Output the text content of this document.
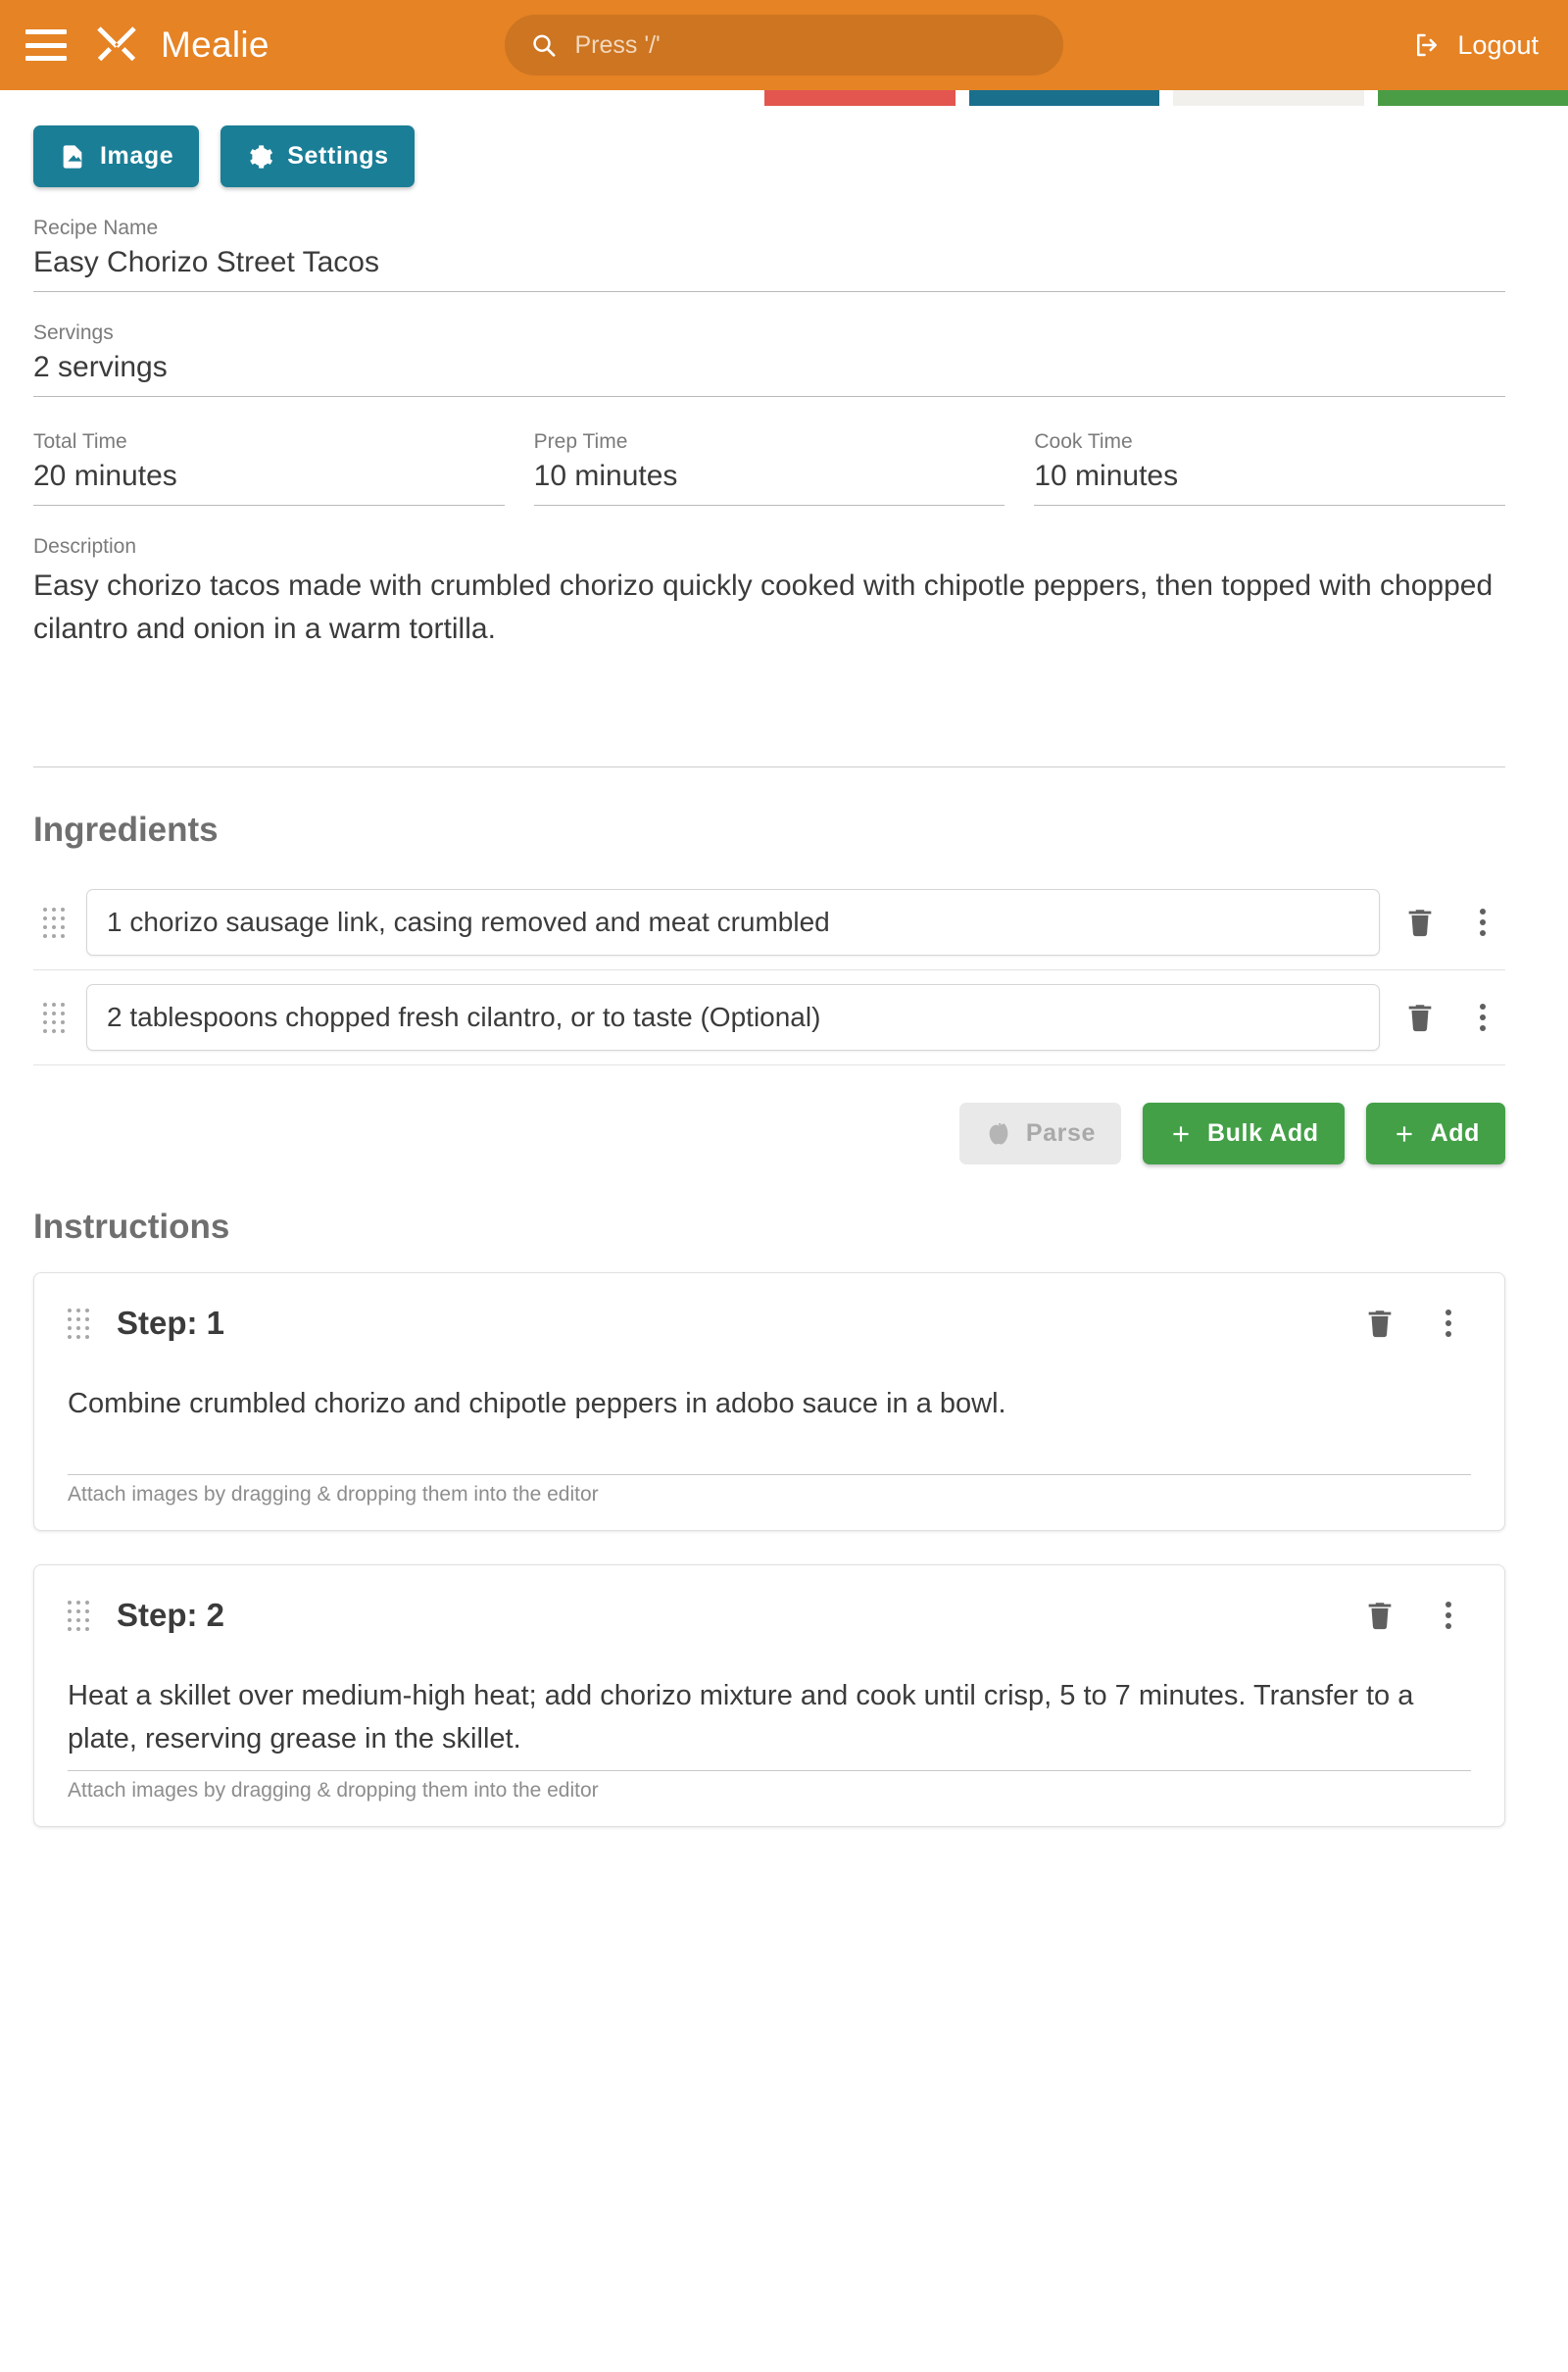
Mealie
Press '/'	Logout
Image	Settings
Recipe Name
Easy Chorizo Street Tacos
Servings
2 servings
Total Time
20 minutes
Prep Time
10 minutes
Cook Time
10 minutes
Description
Easy chorizo tacos made with crumbled chorizo quickly cooked with chipotle peppers, then topped with chopped cilantro and onion in a warm tortilla.
Ingredients
1 chorizo sausage link, casing removed and meat crumbled
2 tablespoons chopped fresh cilantro, or to taste (Optional)
Parse	Bulk Add	Add
Instructions
Step: 1
Combine crumbled chorizo and chipotle peppers in adobo sauce in a bowl.
Attach images by dragging & dropping them into the editor
Step: 2
Heat a skillet over medium-high heat; add chorizo mixture and cook until crisp, 5 to 7 minutes. Transfer to a plate, reserving grease in the skillet.
Attach images by dragging & dropping them into the editor
